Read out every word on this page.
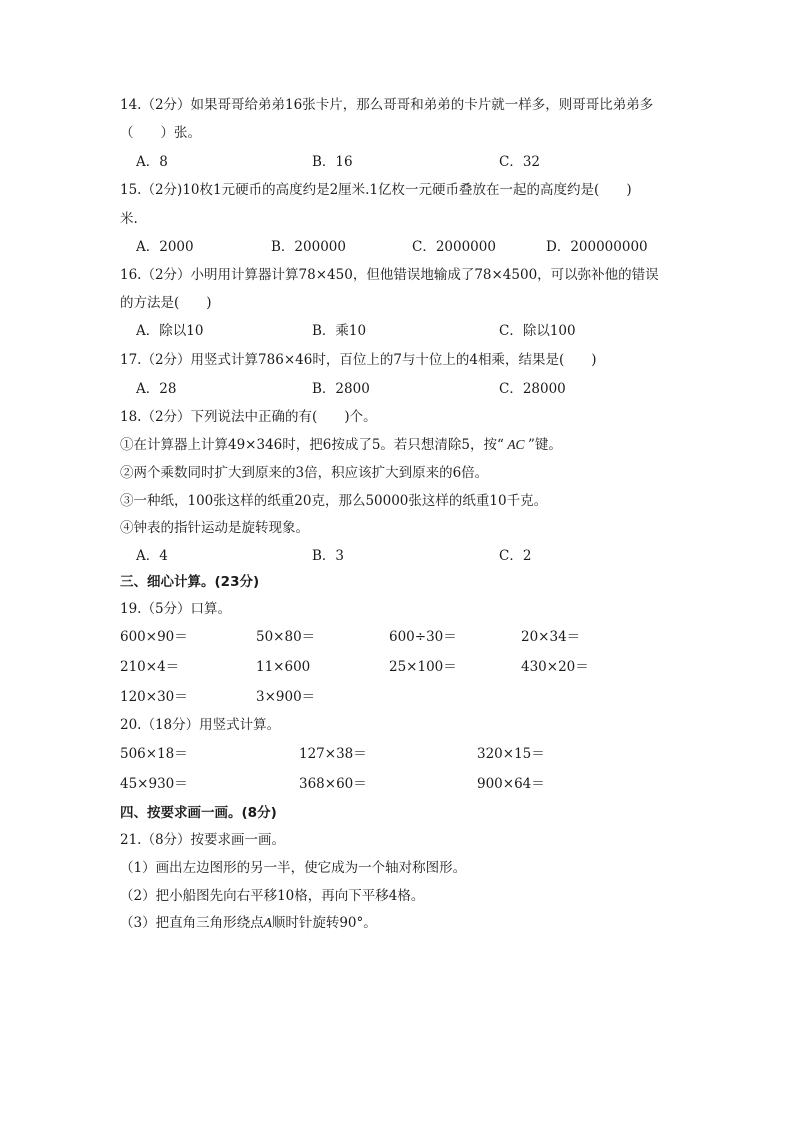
14.（2分）如果哥哥给弟弟16张卡片，那么哥哥和弟弟的卡片就一样多，则哥哥比弟弟多
（　　）张。
A．8	B．16	C．32
15.（2分)10枚1元硬币的高度约是2厘米.1亿枚一元硬币叠放在一起的高度约是(　　)
米.
A．2000	B．200000	C．2000000	D．200000000
16.（2分）小明用计算器计算78×450，但他错误地输成了78×4500，可以弥补他的错误
的方法是(　　)
A．除以10	B．乘10	C．除以100
17.（2分）用竖式计算786×46时，百位上的7与十位上的4相乘，结果是(　　)
A．28	B．2800	C．28000
18.（2分）下列说法中正确的有(　　)个。
①在计算器上计算49×346时，把6按成了5。若只想清除5，按“ AC ”键。
②两个乘数同时扩大到原来的3倍，积应该扩大到原来的6倍。
③一种纸，100张这样的纸重20克，那么50000张这样的纸重10千克。
④钟表的指针运动是旋转现象。
A．4	B．3	C．2
三、细心计算。(23分)
19.（5分）口算。
600×90＝	50×80＝	600÷30＝	20×34＝
210×4＝	11×600	25×100＝	430×20＝
120×30＝	3×900＝
20.（18分）用竖式计算。
506×18＝	127×38＝	320×15＝
45×930＝	368×60＝	900×64＝
四、按要求画一画。(8分)
21.（8分）按要求画一画。
（1）画出左边图形的另一半，使它成为一个轴对称图形。
（2）把小船图先向右平移10格，再向下平移4格。
（3）把直角三角形绕点A顺时针旋转90°。
